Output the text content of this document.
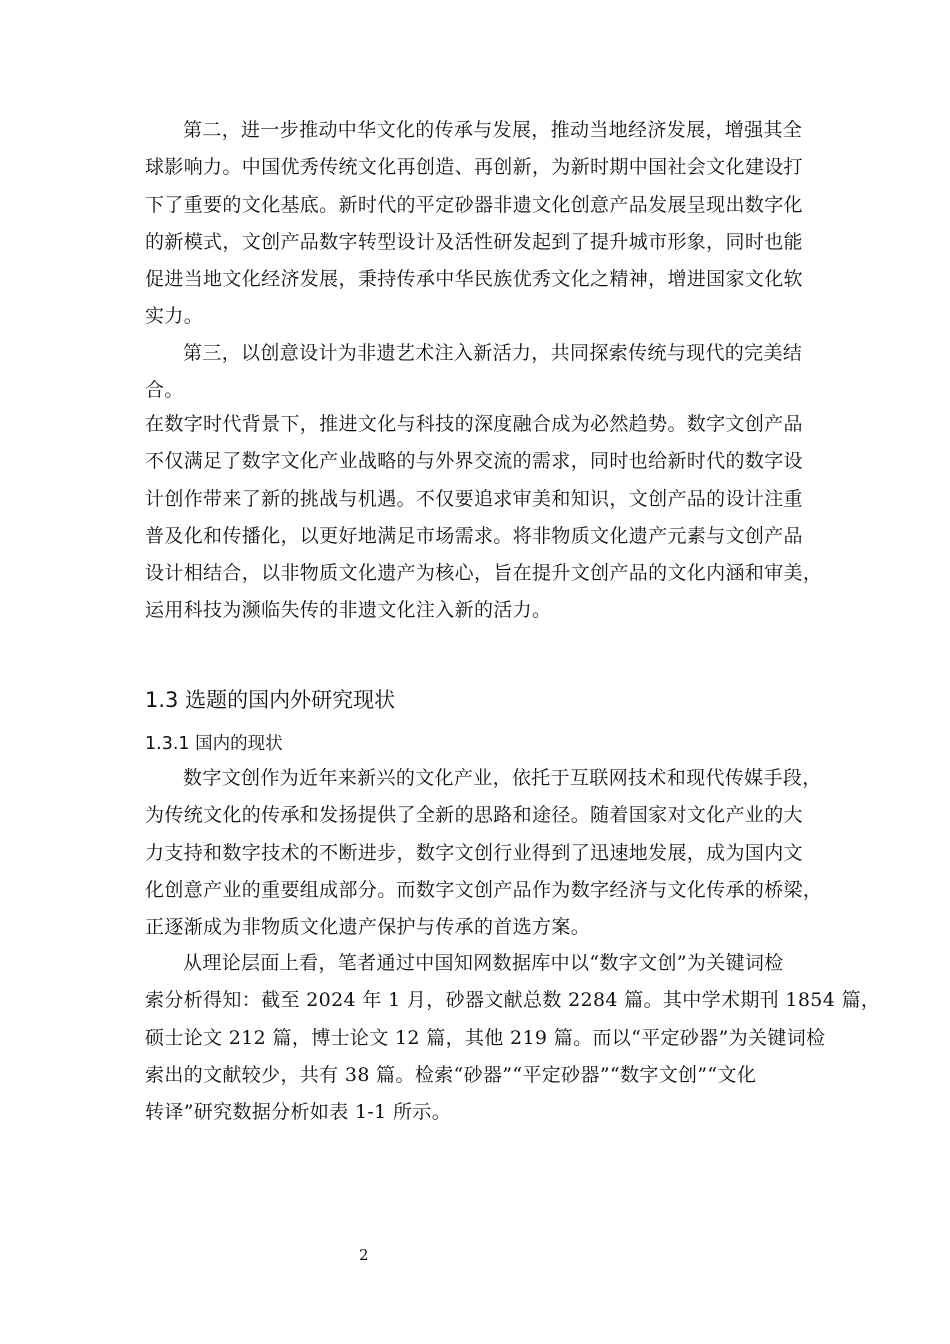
第二，进一步推动中华文化的传承与发展，推动当地经济发展，增强其全
球影响力。中国优秀传统文化再创造、再创新，为新时期中国社会文化建设打
下了重要的文化基底。新时代的平定砂器非遗文化创意产品发展呈现出数字化
的新模式，文创产品数字转型设计及活性研发起到了提升城市形象，同时也能
促进当地文化经济发展，秉持传承中华民族优秀文化之精神，增进国家文化软
实力。
第三，以创意设计为非遗艺术注入新活力，共同探索传统与现代的完美结
合。
在数字时代背景下，推进文化与科技的深度融合成为必然趋势。数字文创产品
不仅满足了数字文化产业战略的与外界交流的需求，同时也给新时代的数字设
计创作带来了新的挑战与机遇。不仅要追求审美和知识，文创产品的设计注重
普及化和传播化，以更好地满足市场需求。将非物质文化遗产元素与文创产品
设计相结合，以非物质文化遗产为核心，旨在提升文创产品的文化内涵和审美，
运用科技为濒临失传的非遗文化注入新的活力。
1.3 选题的国内外研究现状
1.3.1 国内的现状
数字文创作为近年来新兴的文化产业，依托于互联网技术和现代传媒手段，
为传统文化的传承和发扬提供了全新的思路和途径。随着国家对文化产业的大
力支持和数字技术的不断进步，数字文创行业得到了迅速地发展，成为国内文
化创意产业的重要组成部分。而数字文创产品作为数字经济与文化传承的桥梁，
正逐渐成为非物质文化遗产保护与传承的首选方案。
从理论层面上看，笔者通过中国知网数据库中以“数字文创”为关键词检
索分析得知：截至 2024 年 1 月，砂器文献总数 2284 篇。其中学术期刊 1854 篇，
硕士论文 212 篇，博士论文 12 篇，其他 219 篇。而以“平定砂器”为关键词检
索出的文献较少，共有 38 篇。检索“砂器”“平定砂器”“数字文创”“文化
转译”研究数据分析如表 1-1 所示。
2
